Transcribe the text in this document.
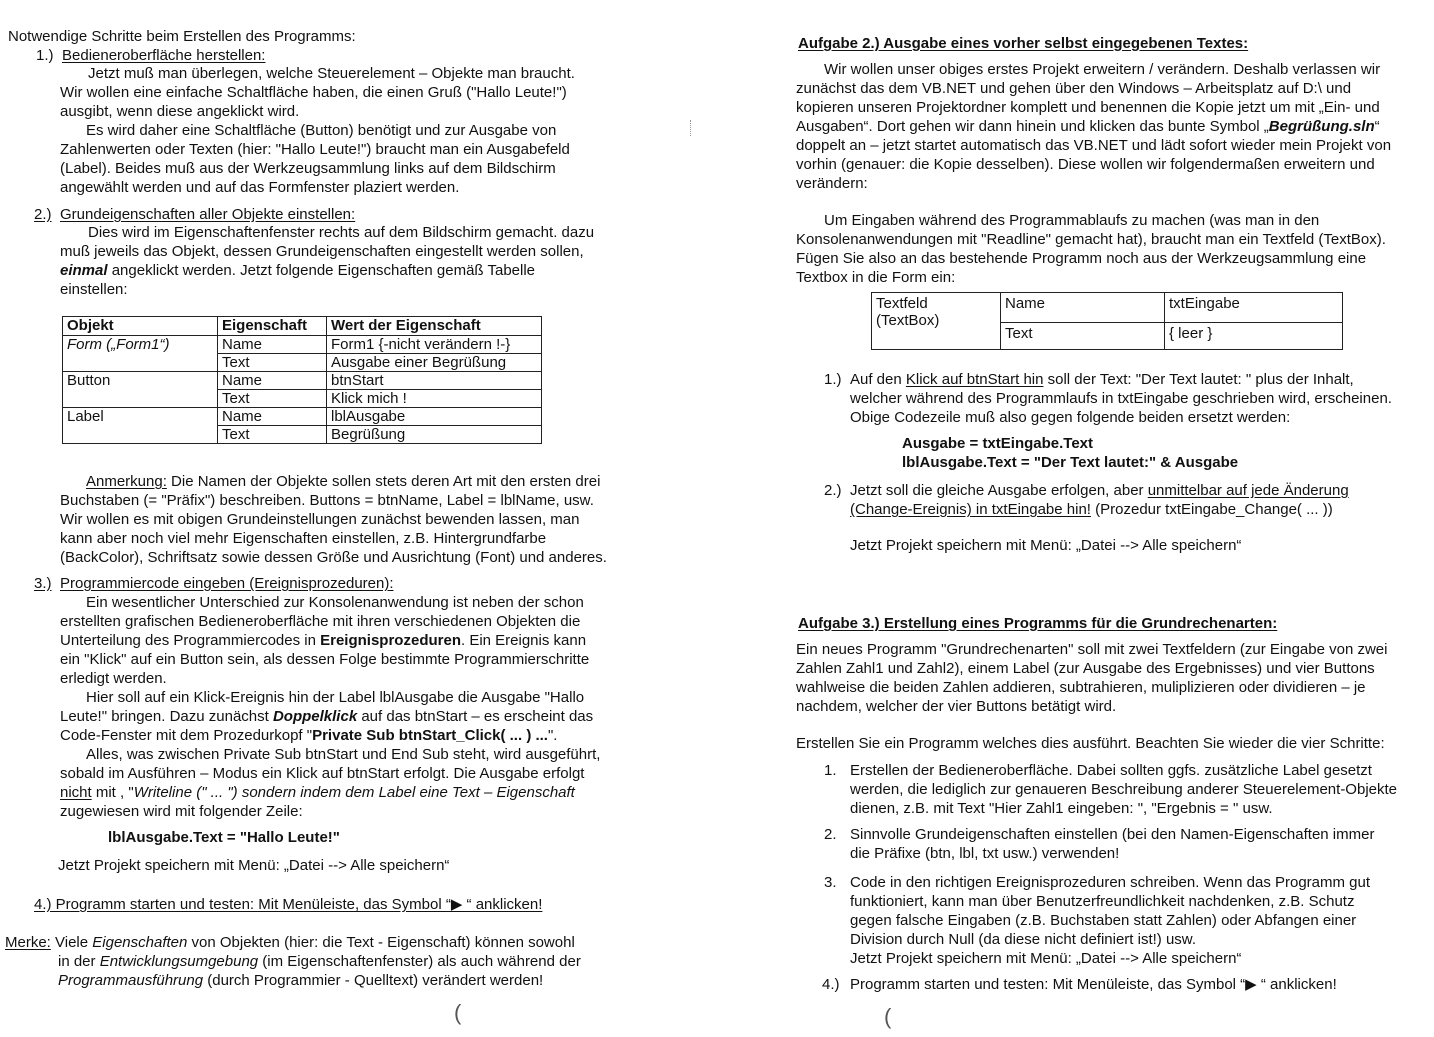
Notwendige Schritte beim Erstellen des Programms:
1.) Bedieneroberfläche herstellen:
Jetzt muß man überlegen, welche Steuerelement – Objekte man braucht.
Wir wollen eine einfache Schaltfläche haben, die einen Gruß ("Hallo Leute!")
ausgibt, wenn diese angeklickt wird.
Es wird daher eine Schaltfläche (Button) benötigt und zur Ausgabe von
Zahlenwerten oder Texten (hier: "Hallo Leute!") braucht man ein Ausgabefeld
(Label). Beides muß aus der Werkzeugsammlung links auf dem Bildschirm
angewählt werden und auf das Formfenster plaziert werden.
2.) Grundeigenschaften aller Objekte einstellen:
Dies wird im Eigenschaftenfenster rechts auf dem Bildschirm gemacht. dazu
muß jeweils das Objekt, dessen Grundeigenschaften eingestellt werden sollen,
einmal angeklickt werden. Jetzt folgende Eigenschaften gemäß Tabelle
einstellen:
Objekt	Eigenschaft	Wert der Eigenschaft
Form („Form1“)	Name	Form1 {-nicht verändern !-}
	Text	Ausgabe einer Begrüßung
Button	Name	btnStart
	Text	Klick mich !
Label	Name	lblAusgabe
	Text	Begrüßung
Anmerkung: Die Namen der Objekte sollen stets deren Art mit den ersten drei
Buchstaben (= "Präfix") beschreiben. Buttons = btnName, Label = lblName, usw.
Wir wollen es mit obigen Grundeinstellungen zunächst bewenden lassen, man
kann aber noch viel mehr Eigenschaften einstellen, z.B. Hintergrundfarbe
(BackColor), Schriftsatz sowie dessen Größe und Ausrichtung (Font) und anderes.
3.) Programmiercode eingeben (Ereignisprozeduren):
Ein wesentlicher Unterschied zur Konsolenanwendung ist neben der schon
erstellten grafischen Bedieneroberfläche mit ihren verschiedenen Objekten die
Unterteilung des Programmiercodes in Ereignisprozeduren. Ein Ereignis kann
ein "Klick" auf ein Button sein, als dessen Folge bestimmte Programmierschritte
erledigt werden.
Hier soll auf ein Klick-Ereignis hin der Label lblAusgabe die Ausgabe "Hallo
Leute!" bringen. Dazu zunächst Doppelklick auf das btnStart – es erscheint das
Code-Fenster mit dem Prozedurkopf "Private Sub btnStart_Click( ... ) ...".
Alles, was zwischen Private Sub btnStart und End Sub steht, wird ausgeführt,
sobald im Ausführen – Modus ein Klick auf btnStart erfolgt. Die Ausgabe erfolgt
nicht mit , "Writeline (" ... ") sondern indem dem Label eine Text – Eigenschaft
zugewiesen wird mit folgender Zeile:
lblAusgabe.Text = "Hallo Leute!"
Jetzt Projekt speichern mit Menü: „Datei --> Alle speichern“
4.) Programm starten und testen: Mit Menüleiste, das Symbol “▶ “ anklicken!
Merke: Viele Eigenschaften von Objekten (hier: die Text - Eigenschaft) können sowohl
in der Entwicklungsumgebung (im Eigenschaftenfenster) als auch während der
Programmausführung (durch Programmier - Quelltext) verändert werden!
(
Aufgabe 2.) Ausgabe eines vorher selbst eingegebenen Textes:
Wir wollen unser obiges erstes Projekt erweitern / verändern. Deshalb verlassen wir
zunächst das dem VB.NET und gehen über den Windows – Arbeitsplatz auf D:\ und
kopieren unseren Projektordner komplett und benennen die Kopie jetzt um mit „Ein- und
Ausgaben“. Dort gehen wir dann hinein und klicken das bunte Symbol „Begrüßung.sln“
doppelt an – jetzt startet automatisch das VB.NET und lädt sofort wieder mein Projekt von
vorhin (genauer: die Kopie desselben). Diese wollen wir folgendermaßen erweitern und
verändern:
Um Eingaben während des Programmablaufs zu machen (was man in den
Konsolenanwendungen mit "Readline" gemacht hat), braucht man ein Textfeld (TextBox).
Fügen Sie also an das bestehende Programm noch aus der Werkzeugsammlung eine
Textbox in die Form ein:
Textfeld
(TextBox)	Name	txtEingabe
	Text	{ leer }
1.) Auf den Klick auf btnStart hin soll der Text: "Der Text lautet: " plus der Inhalt,
welcher während des Programmlaufs in txtEingabe geschrieben wird, erscheinen.
Obige Codezeile muß also gegen folgende beiden ersetzt werden:
Ausgabe = txtEingabe.Text
lblAusgabe.Text = "Der Text lautet:" & Ausgabe
2.) Jetzt soll die gleiche Ausgabe erfolgen, aber unmittelbar auf jede Änderung
(Change-Ereignis) in txtEingabe hin! (Prozedur txtEingabe_Change( ... ))
Jetzt Projekt speichern mit Menü: „Datei --> Alle speichern“
Aufgabe 3.) Erstellung eines Programms für die Grundrechenarten:
Ein neues Programm "Grundrechenarten" soll mit zwei Textfeldern (zur Eingabe von zwei
Zahlen Zahl1 und Zahl2), einem Label (zur Ausgabe des Ergebnisses) und vier Buttons
wahlweise die beiden Zahlen addieren, subtrahieren, muliplizieren oder dividieren – je
nachdem, welcher der vier Buttons betätigt wird.
Erstellen Sie ein Programm welches dies ausführt. Beachten Sie wieder die vier Schritte:
1. Erstellen der Bedieneroberfläche. Dabei sollten ggfs. zusätzliche Label gesetzt
werden, die lediglich zur genaueren Beschreibung anderer Steuerelement-Objekte
dienen, z.B. mit Text "Hier Zahl1 eingeben: ", "Ergebnis = " usw.
2. Sinnvolle Grundeigenschaften einstellen (bei den Namen-Eigenschaften immer
die Präfixe (btn, lbl, txt usw.) verwenden!
3. Code in den richtigen Ereignisprozeduren schreiben. Wenn das Programm gut
funktioniert, kann man über Benutzerfreundlichkeit nachdenken, z.B. Schutz
gegen falsche Eingaben (z.B. Buchstaben statt Zahlen) oder Abfangen einer
Division durch Null (da diese nicht definiert ist!) usw.
Jetzt Projekt speichern mit Menü: „Datei --> Alle speichern“
4.) Programm starten und testen: Mit Menüleiste, das Symbol “▶ “ anklicken!
(
